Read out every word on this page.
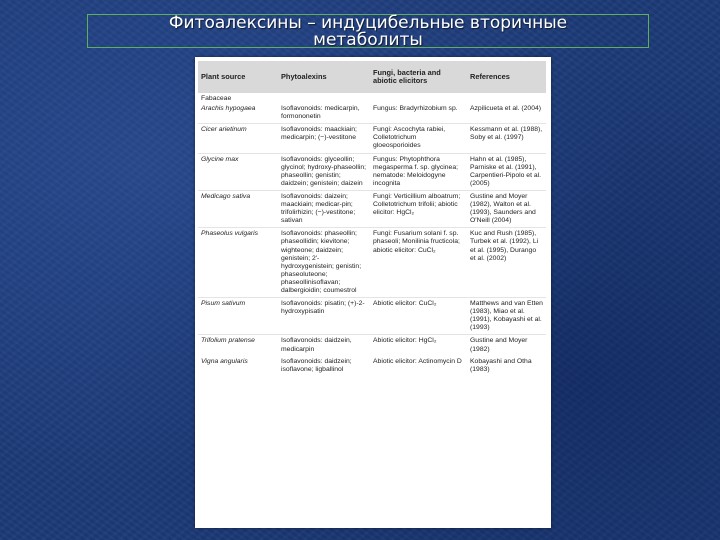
Фитоалексины – индуцибельные вторичные
метаболиты
Plant source	Phytoalexins	Fungi, bacteria and abiotic elicitors	References
Fabaceae			
Arachis hypogaea	Isoflavonoids: medicarpin, formononetin	Fungus: Bradyrhizobium sp.	Azpilicueta et al. (2004)
Cicer arietinum	Isoflavonoids: maackiain; medicarpin; (−)-vestitone	Fungi: Ascochyta rabiei, Colletotrichum gloeosporioides	Kessmann et al. (1988), Soby et al. (1997)
Glycine max	Isoflavonoids: glyceollin; glycinol; hydroxy-phaseollin; phaseollin; genistin; daidzein; genistein; daizein	Fungus: Phytophthora megasperma f. sp. glycinea; nematode: Meloidogyne incognita	Hahn et al. (1985), Parniske et al. (1991), Carpentieri-Pipolo et al. (2005)
Medicago sativa	Isoflavonoids: daizein; maackiain; medicar-pin; trifolirhizin; (−)-vestitone; sativan	Fungi: Verticillium alboatrum; Colletotrichum trifolii; abiotic elicitor: HgCl₂	Gustine and Moyer (1982), Walton et al. (1993), Saunders and O'Neill (2004)
Phaseolus vulgaris	Isoflavonoids: phaseollin; phaseollidin; kievitone; wighteone; daidzein; genistein; 2'-hydroxygenistein; genistin; phaseoluteone; phaseollinisoflavan; dalbergioidin; coumestrol	Fungi: Fusarium solani f. sp. phaseoli; Monilinia fructicola; abiotic elicitor: CuCl₂	Kuc and Rush (1985), Turbek et al. (1992), Li et al. (1995), Durango et al. (2002)
Pisum sativum	Isoflavonoids: pisatin; (+)-2-hydroxypisatin	Abiotic elicitor: CuCl₂	Matthews and van Etten (1983), Miao et al. (1991), Kobayashi et al. (1993)
Trifolium pratense	Isoflavonoids: daidzein, medicarpin	Abiotic elicitor: HgCl₂	Gustine and Moyer (1982)
Vigna angularis	Isoflavonoids: daidzein; isoflavone; ligballinol	Abiotic elicitor: Actinomycin D	Kobayashi and Otha (1983)
